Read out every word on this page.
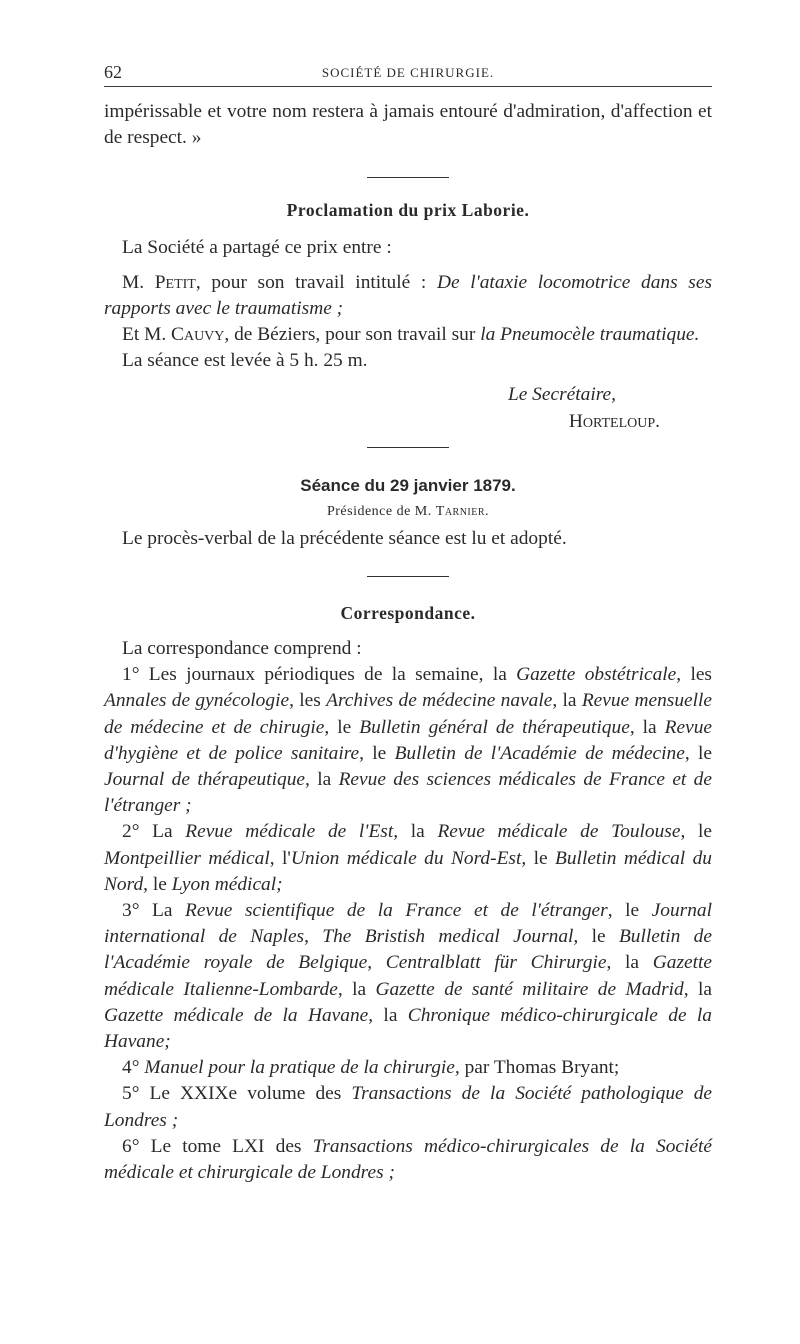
62	SOCIÉTÉ DE CHIRURGIE.

impérissable et votre nom restera à jamais entouré d'admiration, d'affection et de respect. »

Proclamation du prix Laborie.

La Société a partagé ce prix entre :

M. Petit, pour son travail intitulé : De l'ataxie locomotrice dans ses rapports avec le traumatisme ;

Et M. Cauvy, de Béziers, pour son travail sur la Pneumocèle traumatique.

La séance est levée à 5 h. 25 m.

Le Secrétaire,
Horteloup.
Séance du 29 janvier 1879.
Présidence de M. Tarnier.

Le procès-verbal de la précédente séance est lu et adopté.

Correspondance.

La correspondance comprend :

1° Les journaux périodiques de la semaine, la Gazette obstétricale, les Annales de gynécologie, les Archives de médecine navale, la Revue mensuelle de médecine et de chirugie, le Bulletin général de thérapeutique, la Revue d'hygiène et de police sanitaire, le Bulletin de l'Académie de médecine, le Journal de thérapeutique, la Revue des sciences médicales de France et de l'étranger ;

2° La Revue médicale de l'Est, la Revue médicale de Toulouse, le Montpeillier médical, l'Union médicale du Nord-Est, le Bulletin médical du Nord, le Lyon médical;

3° La Revue scientifique de la France et de l'étranger, le Journal international de Naples, The Bristish medical Journal, le Bulletin de l'Académie royale de Belgique, Centralblatt für Chirurgie, la Gazette médicale Italienne-Lombarde, la Gazette de santé militaire de Madrid, la Gazette médicale de la Havane, la Chronique médico-chirurgicale de la Havane;

4° Manuel pour la pratique de la chirurgie, par Thomas Bryant;

5° Le XXIXe volume des Transactions de la Société pathologique de Londres ;

6° Le tome LXI des Transactions médico-chirurgicales de la Société médicale et chirurgicale de Londres ;
